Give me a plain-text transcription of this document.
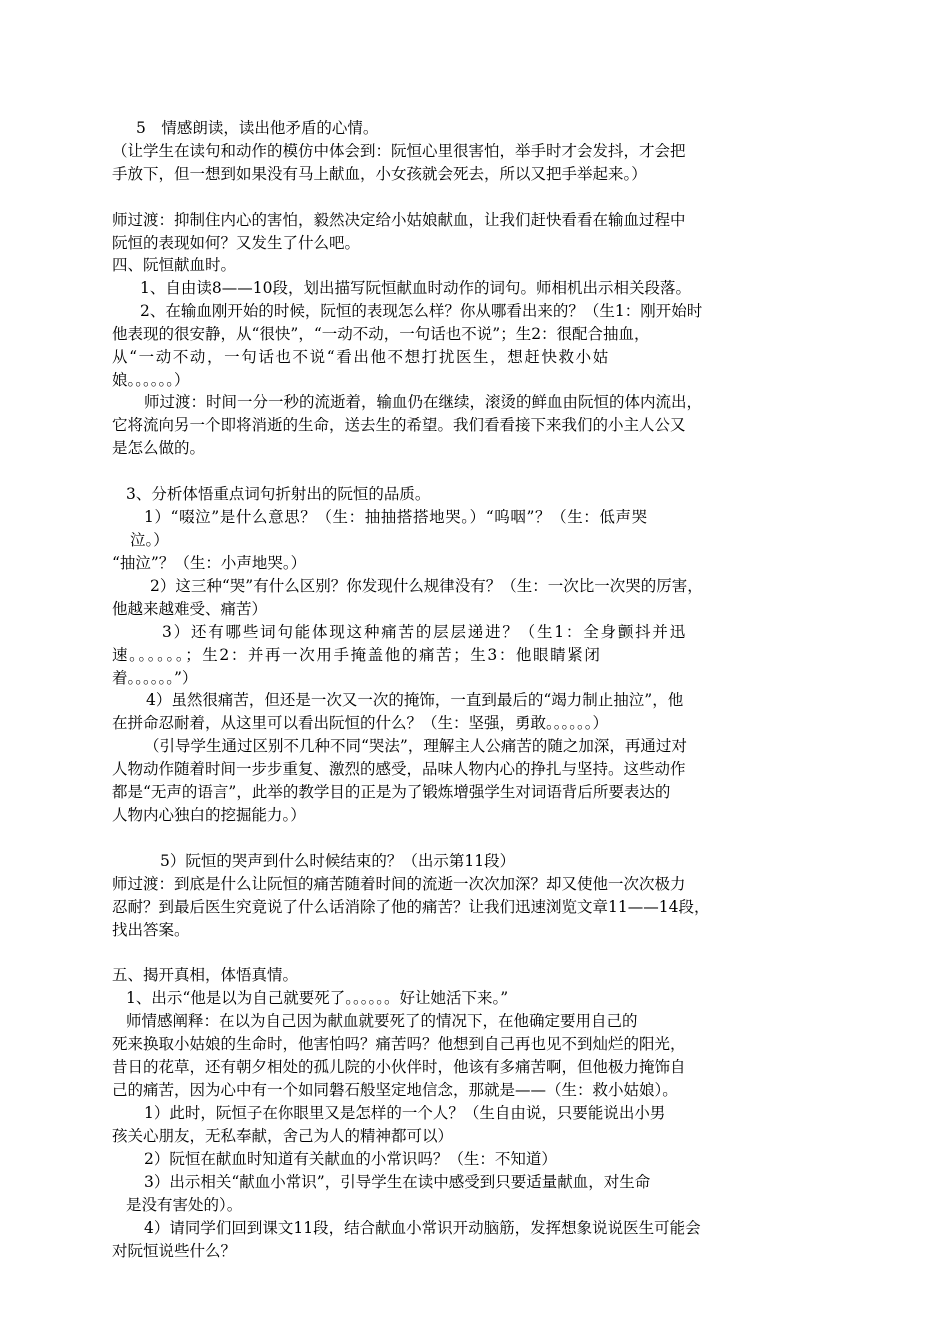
5　情感朗读，读出他矛盾的心情。
（让学生在读句和动作的模仿中体会到：阮恒心里很害怕，举手时才会发抖，才会把
手放下，但一想到如果没有马上献血，小女孩就会死去，所以又把手举起来。）
师过渡：抑制住内心的害怕，毅然决定给小姑娘献血，让我们赶快看看在输血过程中
阮恒的表现如何？又发生了什么吧。
四、阮恒献血时。
1、自由读8——10段，划出描写阮恒献血时动作的词句。师相机出示相关段落。
2、在输血刚开始的时候，阮恒的表现怎么样？你从哪看出来的？（生1：刚开始时
他表现的很安静，从“很快”，“一动不动，一句话也不说”；生2：很配合抽血，
从“一动不动，一句话也不说“看出他不想打扰医生，想赶快救小姑
娘。。。。。。）
师过渡：时间一分一秒的流逝着，输血仍在继续，滚烫的鲜血由阮恒的体内流出，
它将流向另一个即将消逝的生命，送去生的希望。我们看看接下来我们的小主人公又
是怎么做的。
3、分析体悟重点词句折射出的阮恒的品质。
1）“啜泣”是什么意思？（生：抽抽搭搭地哭。）“呜咽”？（生：低声哭
泣。）
“抽泣”？（生：小声地哭。）
2）这三种“哭”有什么区别？你发现什么规律没有？（生：一次比一次哭的厉害，
他越来越难受、痛苦）
3）还有哪些词句能体现这种痛苦的层层递进？（生1：全身颤抖并迅
速。。。。。。；生2：并再一次用手掩盖他的痛苦；生3：他眼睛紧闭
着。。。。。。”）
4）虽然很痛苦，但还是一次又一次的掩饰，一直到最后的“竭力制止抽泣”，他
在拼命忍耐着，从这里可以看出阮恒的什么？（生：坚强，勇敢。。。。。。）
（引导学生通过区别不几种不同“哭法”，理解主人公痛苦的随之加深，再通过对
人物动作随着时间一步步重复、激烈的感受，品味人物内心的挣扎与坚持。这些动作
都是“无声的语言”，此举的教学目的正是为了锻炼增强学生对词语背后所要表达的
人物内心独白的挖掘能力。）
5）阮恒的哭声到什么时候结束的？（出示第11段）
师过渡：到底是什么让阮恒的痛苦随着时间的流逝一次次加深？却又使他一次次极力
忍耐？到最后医生究竟说了什么话消除了他的痛苦？让我们迅速浏览文章11——14段，
找出答案。
五、揭开真相，体悟真情。
1、出示“他是以为自己就要死了。。。。。。好让她活下来。”
师情感阐释：在以为自己因为献血就要死了的情况下，在他确定要用自己的
死来换取小姑娘的生命时，他害怕吗？痛苦吗？他想到自己再也见不到灿烂的阳光，
昔日的花草，还有朝夕相处的孤儿院的小伙伴时，他该有多痛苦啊，但他极力掩饰自
己的痛苦，因为心中有一个如同磐石般坚定地信念，那就是——（生：救小姑娘）。
1）此时，阮恒子在你眼里又是怎样的一个人？（生自由说，只要能说出小男
孩关心朋友，无私奉献，舍己为人的精神都可以）
2）阮恒在献血时知道有关献血的小常识吗？（生：不知道）
3）出示相关“献血小常识”，引导学生在读中感受到只要适量献血，对生命
是没有害处的）。
4）请同学们回到课文11段，结合献血小常识开动脑筋，发挥想象说说医生可能会
对阮恒说些什么？
